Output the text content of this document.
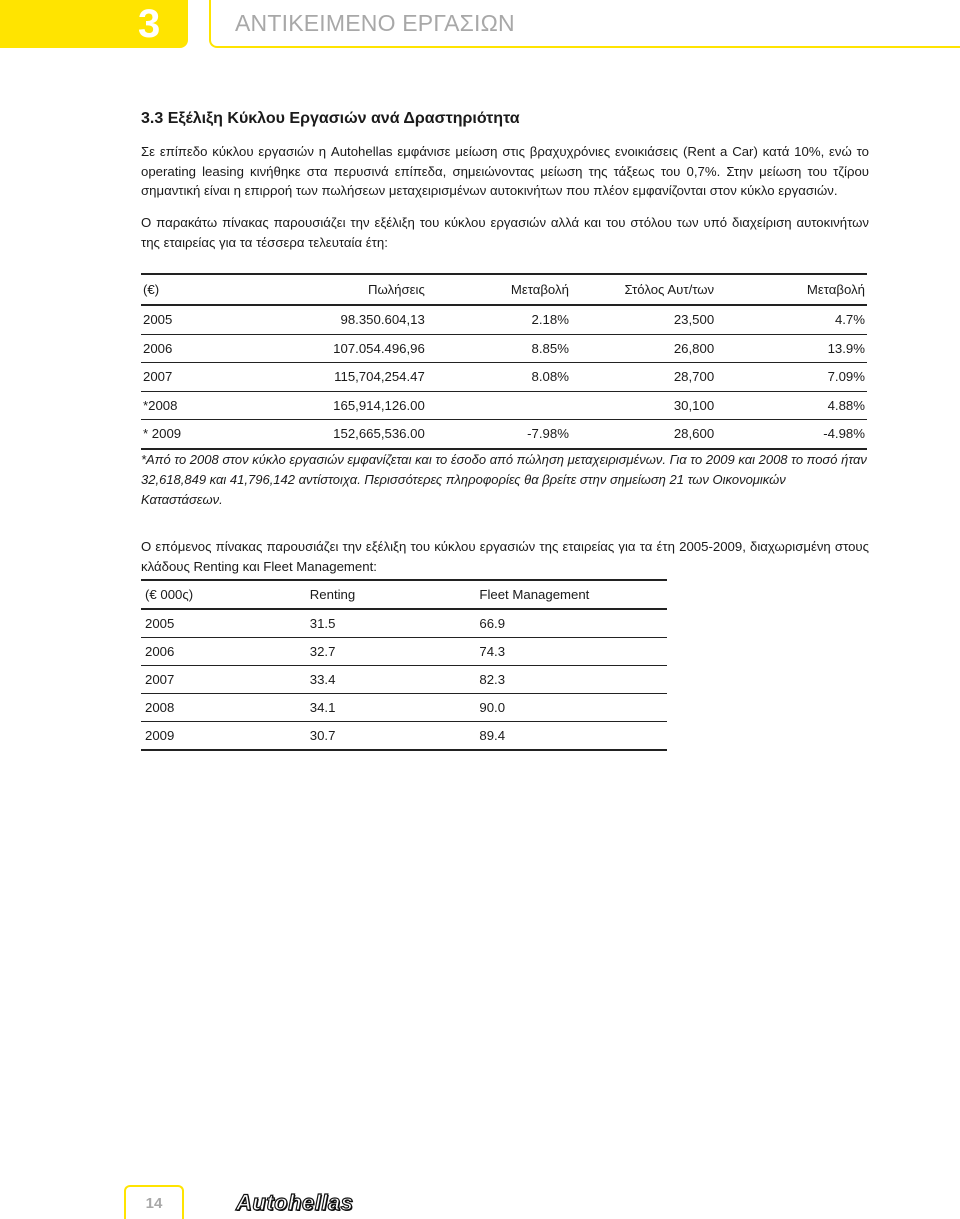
3	ΑΝΤΙΚΕΙΜΕΝΟ ΕΡΓΑΣΙΩΝ
3.3 Εξέλιξη Κύκλου Εργασιών ανά Δραστηριότητα
Σε επίπεδο κύκλου εργασιών η Autohellas εμφάνισε μείωση στις βραχυχρόνιες ενοικιάσεις (Rent a Car) κατά 10%, ενώ το operating leasing κινήθηκε στα περυσινά επίπεδα, σημειώνοντας μείωση της τάξεως του 0,7%. Στην μείωση του τζίρου σημαντική είναι η επιρροή των πωλήσεων μεταχειρισμένων αυτοκινήτων που πλέον εμφανίζονται στον κύκλο εργασιών.
Ο παρακάτω πίνακας παρουσιάζει την εξέλιξη του κύκλου εργασιών αλλά και του στόλου των υπό διαχείριση αυτοκινήτων της εταιρείας για τα τέσσερα τελευταία έτη:
(€)	Πωλήσεις	Μεταβολή	Στόλος Αυτ/των	Μεταβολή
2005	98.350.604,13	2.18%	23,500	4.7%
2006	107.054.496,96	8.85%	26,800	13.9%
2007	115,704,254.47	8.08%	28,700	7.09%
*2008	165,914,126.00		30,100	4.88%
* 2009	152,665,536.00	-7.98%	28,600	-4.98%
*Από το 2008 στον κύκλο εργασιών εμφανίζεται και το έσοδο από πώληση μεταχειρισμένων. Για το 2009 και 2008 το ποσό ήταν 32,618,849 και 41,796,142 αντίστοιχα. Περισσότερες πληροφορίες θα βρείτε στην σημείωση 21 των Οικονομικών Καταστάσεων.
Ο επόμενος πίνακας παρουσιάζει την εξέλιξη του κύκλου εργασιών της εταιρείας για τα έτη 2005-2009, διαχωρισμένη στους κλάδους Renting και Fleet Management:
(€ 000ς)	Renting	Fleet Management
2005	31.5	66.9
2006	32.7	74.3
2007	33.4	82.3
2008	34.1	90.0
2009	30.7	89.4
14	Autohellas
